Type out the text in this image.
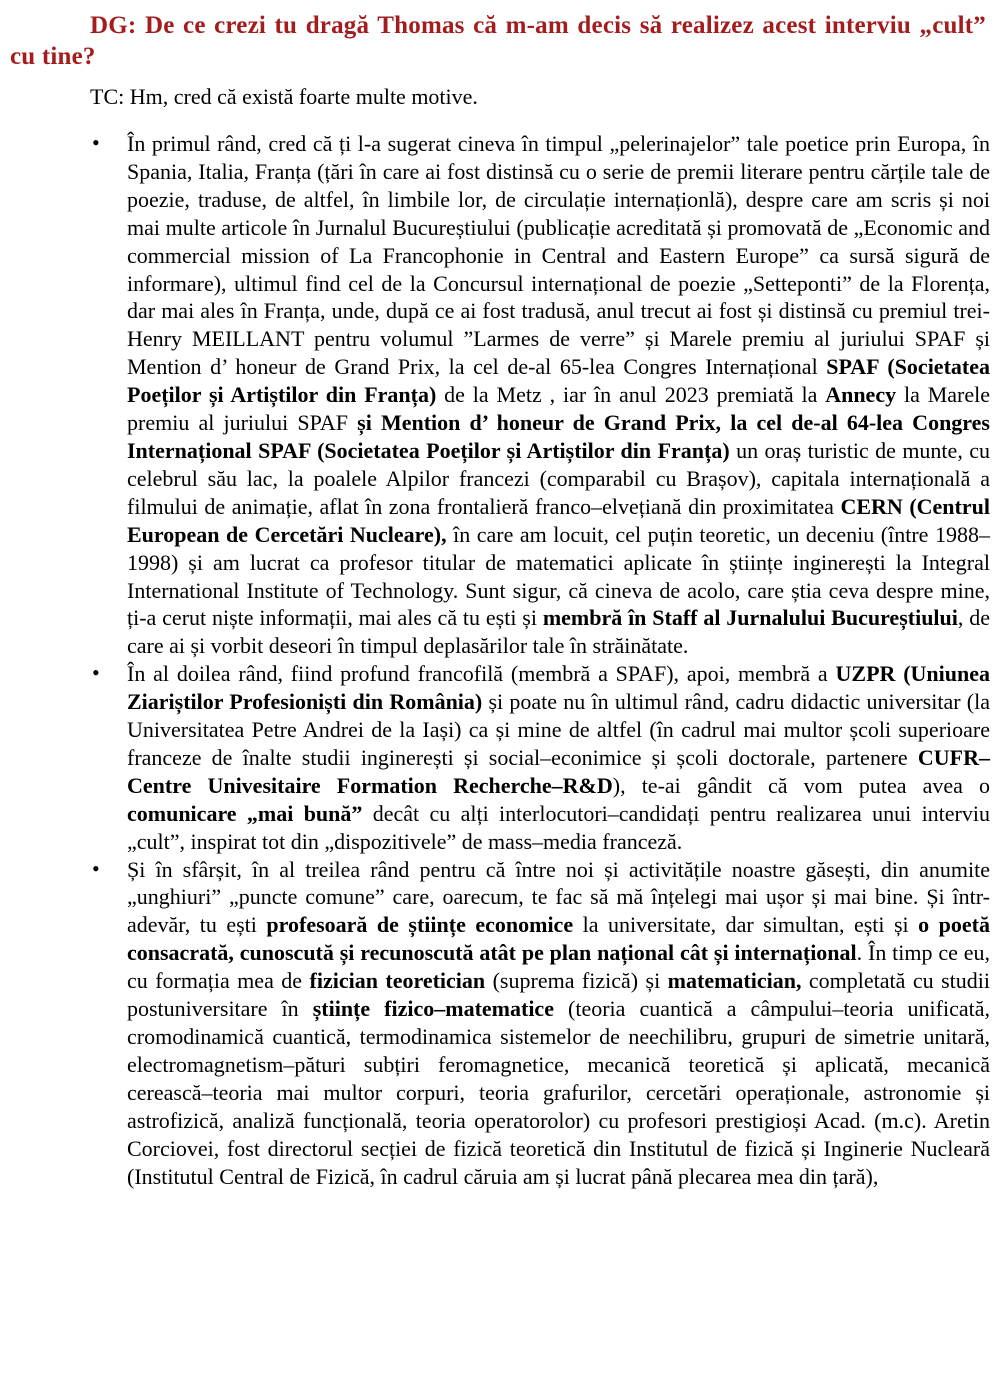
DG: De ce crezi tu dragă Thomas că m-am decis să realizez acest interviu „cult” cu tine?

TC: Hm, cred că există foarte multe motive.

• În primul rând, cred că ți l-a sugerat cineva în timpul „pelerinajelor” tale poetice prin Europa, în Spania, Italia, Franța (țări în care ai fost distinsă cu o serie de premii literare pentru cărțile tale de poezie, traduse, de altfel, în limbile lor, de circulație internaționlă), despre care am scris și noi mai multe articole în Jurnalul Bucureștiului (publicație acreditată și promovată de „Economic and commercial mission of La Francophonie in Central and Eastern Europe” ca sursă sigură de informare), ultimul find cel de la Concursul internațional de poezie „Setteponti” de la Florența, dar mai ales în Franța, unde, după ce ai fost tradusă, anul trecut ai fost și distinsă cu premiul trei- Henry MEILLANT pentru volumul ”Larmes de verre” și Marele premiu al juriului SPAF și Mention d’ honeur de Grand Prix, la cel de-al 65-lea Congres Internațional SPAF (Societatea Poeților și Artiștilor din Franța) de la Metz , iar în anul 2023 premiată la Annecy la Marele premiu al juriului SPAF și Mention d’ honeur de Grand Prix, la cel de-al 64-lea Congres Internațional SPAF (Societatea Poeților și Artiștilor din Franța) un oraș turistic de munte, cu celebrul său lac, la poalele Alpilor francezi (comparabil cu Brașov), capitala internațională a filmului de animație, aflat în zona frontalieră franco–elvețiană din proximitatea CERN (Centrul European de Cercetări Nucleare), în care am locuit, cel puțin teoretic, un deceniu (între 1988–1998) și am lucrat ca profesor titular de matematici aplicate în științe inginerești la Integral International Institute of Technology. Sunt sigur, că cineva de acolo, care știa ceva despre mine, ți-a cerut niște informații, mai ales că tu ești și membră în Staff al Jurnalului Bucureștiului, de care ai și vorbit deseori în timpul deplasărilor tale în străinătate.
• În al doilea rând, fiind profund francofilă (membră a SPAF), apoi, membră a UZPR (Uniunea Ziariștilor Profesioniști din România) și poate nu în ultimul rând, cadru didactic universitar (la Universitatea Petre Andrei de la Iași) ca și mine de altfel (în cadrul mai multor școli superioare franceze de înalte studii inginerești și social–econimice și școli doctorale, partenere CUFR–Centre Univesitaire Formation Recherche–R&D), te-ai gândit că vom putea avea o comunicare „mai bună” decât cu alți interlocutori–candidați pentru realizarea unui interviu „cult”, inspirat tot din „dispozitivele” de mass–media franceză.
• Și în sfârșit, în al treilea rând pentru că între noi și activitățile noastre găsești, din anumite „unghiuri” „puncte comune” care, oarecum, te fac să mă înțelegi mai ușor și mai bine. Și într-adevăr, tu ești profesoară de științe economice la universitate, dar simultan, ești și o poetă consacrată, cunoscută și recunoscută atât pe plan național cât și internațional. În timp ce eu, cu formația mea de fizician teoretician (suprema fizică) și matematician, completată cu studii postuniversitare în științe fizico–matematice (teoria cuantică a câmpului–teoria unificată, cromodinamică cuantică, termodinamica sistemelor de neechilibru, grupuri de simetrie unitară, electromagnetism–pături subțiri feromagnetice, mecanică teoretică și aplicată, mecanică cerească–teoria mai multor corpuri, teoria grafurilor, cercetări operaționale, astronomie și astrofizică, analiză funcțională, teoria operatorolor) cu profesori prestigioși Acad. (m.c). Aretin Corciovei, fost directorul secției de fizică teoretică din Institutul de fizică și Inginerie Nucleară (Institutul Central de Fizică, în cadrul căruia am și lucrat până plecarea mea din țară),
